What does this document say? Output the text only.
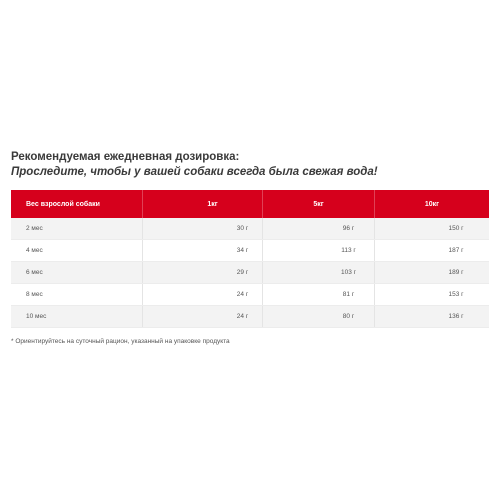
Рекомендуемая ежедневная дозировка:
Проследите, чтобы у вашей собаки всегда была свежая вода!
Вес взрослой собаки	1кг	5кг	10кг
2 мес	30 г	96 г	150 г
4 мес	34 г	113 г	187 г
6 мес	29 г	103 г	189 г
8 мес	24 г	81 г	153 г
10 мес	24 г	80 г	136 г
* Ориентируйтесь на суточный рацион, указанный на упаковке продукта
